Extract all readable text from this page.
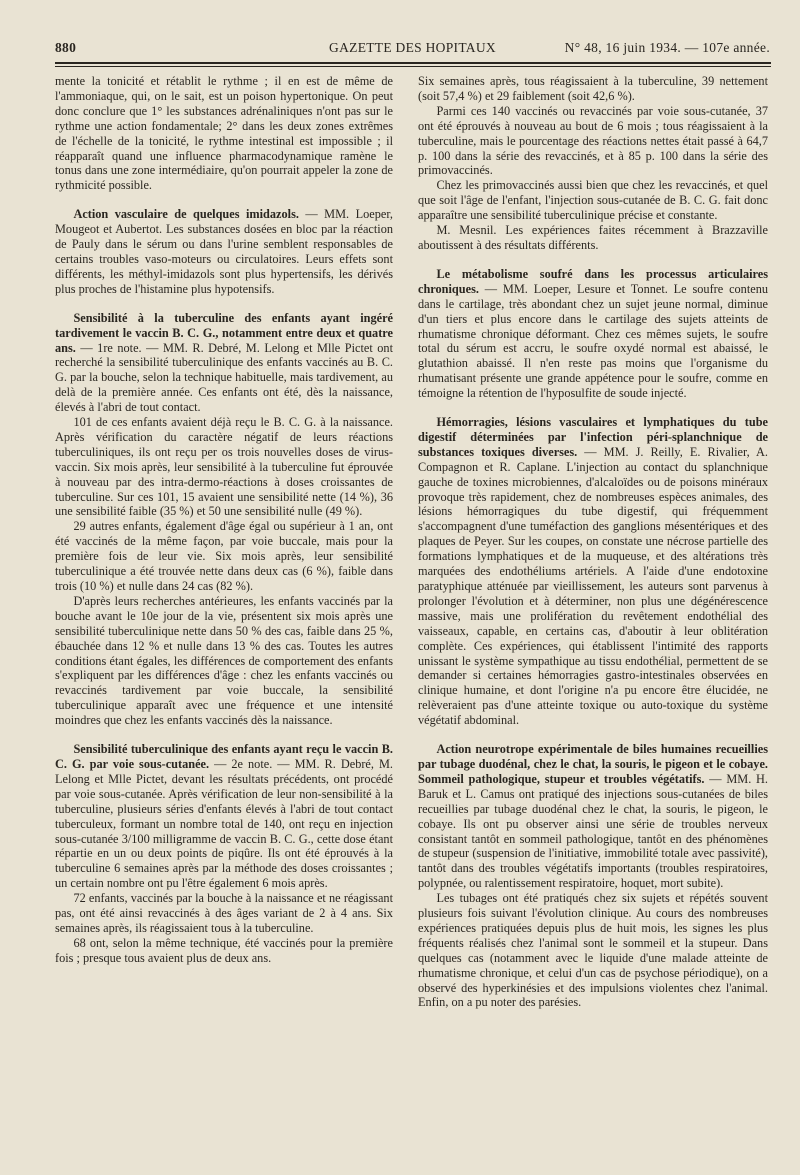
880	GAZETTE DES HOPITAUX	N° 48, 16 juin 1934. — 107e année.

mente la tonicité et rétablit le rythme ; il en est de même de l'ammoniaque, qui, on le sait, est un poison hypertonique. On peut donc conclure que 1° les substances adrénaliniques n'ont pas sur le rythme une action fondamentale; 2° dans les deux zones extrêmes de l'échelle de la tonicité, le rythme intestinal est impossible ; il réapparaît quand une influence pharmacodynamique ramène le tonus dans une zone intermédiaire, qu'on pourrait appeler la zone de rythmicité possible.

Action vasculaire de quelques imidazols. — MM. Loeper, Mougeot et Aubertot. Les substances dosées en bloc par la réaction de Pauly dans le sérum ou dans l'urine semblent responsables de certains troubles vaso-moteurs ou circulatoires. Leurs effets sont différents, les méthyl-imidazols sont plus hypertensifs, les dérivés plus proches de l'histamine plus hypotensifs.

Sensibilité à la tuberculine des enfants ayant ingéré tardivement le vaccin B. C. G., notamment entre deux et quatre ans. — 1re note. — MM. R. Debré, M. Lelong et Mlle Pictet ont recherché la sensibilité tuberculinique des enfants vaccinés au B. C. G. par la bouche, selon la technique habituelle, mais tardivement, au delà de la première année. Ces enfants ont été, dès la naissance, élevés à l'abri de tout contact.

101 de ces enfants avaient déjà reçu le B. C. G. à la naissance. Après vérification du caractère négatif de leurs réactions tuberculiniques, ils ont reçu per os trois nouvelles doses de virus-vaccin. Six mois après, leur sensibilité à la tuberculine fut éprouvée à nouveau par des intra-dermo-réactions à doses croissantes de tuberculine. Sur ces 101, 15 avaient une sensibilité nette (14 %), 36 une sensibilité faible (35 %) et 50 une sensibilité nulle (49 %).

29 autres enfants, également d'âge égal ou supérieur à 1 an, ont été vaccinés de la même façon, par voie buccale, mais pour la première fois de leur vie. Six mois après, leur sensibilité tuberculinique a été trouvée nette dans deux cas (6 %), faible dans trois (10 %) et nulle dans 24 cas (82 %).

D'après leurs recherches antérieures, les enfants vaccinés par la bouche avant le 10e jour de la vie, présentent six mois après une sensibilité tuberculinique nette dans 50 % des cas, faible dans 25 %, ébauchée dans 12 % et nulle dans 13 % des cas. Toutes les autres conditions étant égales, les différences de comportement des enfants s'expliquent par les différences d'âge : chez les enfants vaccinés ou revaccinés tardivement par voie buccale, la sensibilité tuberculinique apparaît avec une fréquence et une intensité moindres que chez les enfants vaccinés dès la naissance.

Sensibilité tuberculinique des enfants ayant reçu le vaccin B. C. G. par voie sous-cutanée. — 2e note. — MM. R. Debré, M. Lelong et Mlle Pictet, devant les résultats précédents, ont procédé par voie sous-cutanée. Après vérification de leur non-sensibilité à la tuberculine, plusieurs séries d'enfants élevés à l'abri de tout contact tuberculeux, formant un nombre total de 140, ont reçu en injection sous-cutanée 3/100 milligramme de vaccin B. C. G., cette dose étant répartie en un ou deux points de piqûre. Ils ont été éprouvés à la tuberculine 6 semaines après par la méthode des doses croissantes ; un certain nombre ont pu l'être également 6 mois après.

72 enfants, vaccinés par la bouche à la naissance et ne réagissant pas, ont été ainsi revaccinés à des âges variant de 2 à 4 ans. Six semaines après, ils réagissaient tous à la tuberculine.

68 ont, selon la même technique, été vaccinés pour la première fois ; presque tous avaient plus de deux ans.

Six semaines après, tous réagissaient à la tuberculine, 39 nettement (soit 57,4 %) et 29 faiblement (soit 42,6 %).

Parmi ces 140 vaccinés ou revaccinés par voie sous-cutanée, 37 ont été éprouvés à nouveau au bout de 6 mois ; tous réagissaient à la tuberculine, mais le pourcentage des réactions nettes était passé à 64,7 p. 100 dans la série des revaccinés, et à 85 p. 100 dans la série des primovaccinés.

Chez les primovaccinés aussi bien que chez les revaccinés, et quel que soit l'âge de l'enfant, l'injection sous-cutanée de B. C. G. fait donc apparaître une sensibilité tuberculinique précise et constante.

M. Mesnil. Les expériences faites récemment à Brazzaville aboutissent à des résultats différents.

Le métabolisme soufré dans les processus articulaires chroniques. — MM. Loeper, Lesure et Tonnet. Le soufre contenu dans le cartilage, très abondant chez un sujet jeune normal, diminue d'un tiers et plus encore dans le cartilage des sujets atteints de rhumatisme chronique déformant. Chez ces mêmes sujets, le soufre total du sérum est accru, le soufre oxydé normal est abaissé, le glutathion abaissé. Il n'en reste pas moins que l'organisme du rhumatisant présente une grande appétence pour le soufre, comme en témoigne la rétention de l'hyposulfite de soude injecté.

Hémorragies, lésions vasculaires et lymphatiques du tube digestif déterminées par l'infection péri-splanchnique de substances toxiques diverses. — MM. J. Reilly, E. Rivalier, A. Compagnon et R. Caplane. L'injection au contact du splanchnique gauche de toxines microbiennes, d'alcaloïdes ou de poisons minéraux provoque très rapidement, chez de nombreuses espèces animales, des lésions hémorragiques du tube digestif, qui fréquemment s'accompagnent d'une tuméfaction des ganglions mésentériques et des plaques de Peyer. Sur les coupes, on constate une nécrose partielle des formations lymphatiques et de la muqueuse, et des altérations très marquées des endothéliums artériels. A l'aide d'une endotoxine paratyphique atténuée par vieillissement, les auteurs sont parvenus à prolonger l'évolution et à déterminer, non plus une dégénérescence massive, mais une prolifération du revêtement endothélial des vaisseaux, capable, en certains cas, d'aboutir à leur oblitération complète. Ces expériences, qui établissent l'intimité des rapports unissant le système sympathique au tissu endothélial, permettent de se demander si certaines hémorragies gastro-intestinales observées en clinique humaine, et dont l'origine n'a pu encore être élucidée, ne relèveraient pas d'une atteinte toxique ou auto-toxique du système végétatif abdominal.

Action neurotrope expérimentale de biles humaines recueillies par tubage duodénal, chez le chat, la souris, le pigeon et le cobaye. Sommeil pathologique, stupeur et troubles végétatifs. — MM. H. Baruk et L. Camus ont pratiqué des injections sous-cutanées de biles recueillies par tubage duodénal chez le chat, la souris, le pigeon, le cobaye. Ils ont pu observer ainsi une série de troubles nerveux consistant tantôt en sommeil pathologique, tantôt en des phénomènes de stupeur (suspension de l'initiative, immobilité totale avec passivité), tantôt dans des troubles végétatifs importants (troubles respiratoires, polypnée, ou ralentissement respiratoire, hoquet, mort subite).

Les tubages ont été pratiqués chez six sujets et répétés souvent plusieurs fois suivant l'évolution clinique. Au cours des nombreuses expériences pratiquées depuis plus de huit mois, les signes les plus fréquents réalisés chez l'animal sont le sommeil et la stupeur. Dans quelques cas (notamment avec le liquide d'une malade atteinte de rhumatisme chronique, et celui d'un cas de psychose périodique), on a observé des hyperkinésies et des impulsions violentes chez l'animal. Enfin, on a pu noter des parésies.
